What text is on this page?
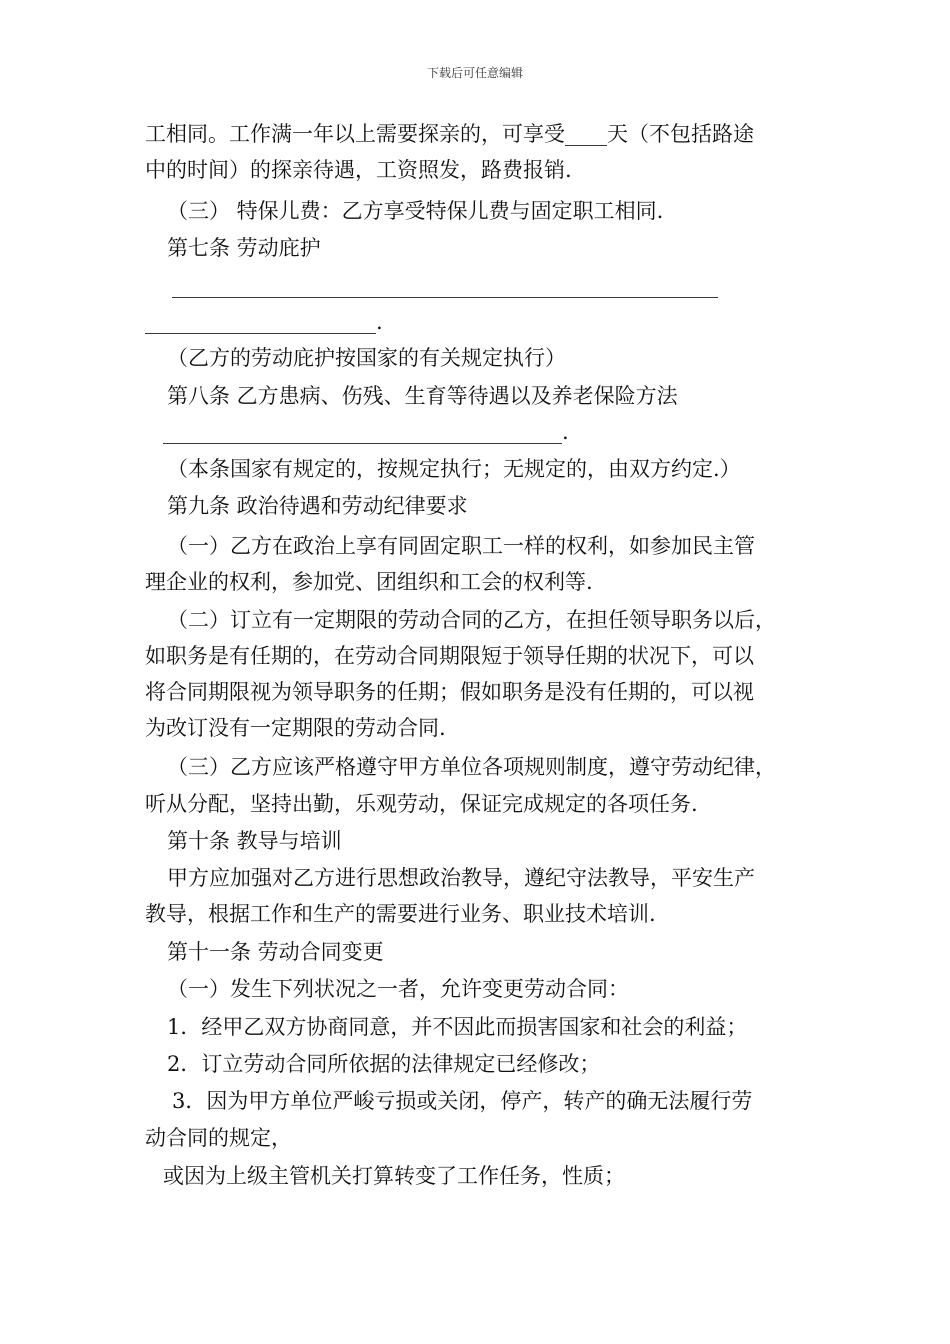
下载后可任意编辑
工相同。工作满一年以上需要探亲的，可享受____天（不包括路途
中的时间）的探亲待遇，工资照发，路费报销.
（三） 特保儿费：乙方享受特保儿费与固定职工相同.
第七条 劳动庇护
____________________________________________________
______________________.
（乙方的劳动庇护按国家的有关规定执行）
第八条 乙方患病、伤残、生育等待遇以及养老保险方法
______________________________________.
（本条国家有规定的，按规定执行；无规定的，由双方约定.）
第九条 政治待遇和劳动纪律要求
（一）乙方在政治上享有同固定职工一样的权利，如参加民主管
理企业的权利，参加党、团组织和工会的权利等.
（二）订立有一定期限的劳动合同的乙方，在担任领导职务以后，
如职务是有任期的，在劳动合同期限短于领导任期的状况下，可以
将合同期限视为领导职务的任期；假如职务是没有任期的，可以视
为改订没有一定期限的劳动合同.
（三）乙方应该严格遵守甲方单位各项规则制度，遵守劳动纪律，
听从分配，坚持出勤，乐观劳动，保证完成规定的各项任务.
第十条 教导与培训
甲方应加强对乙方进行思想政治教导，遵纪守法教导，平安生产
教导，根据工作和生产的需要进行业务、职业技术培训.
第十一条 劳动合同变更
（一）发生下列状况之一者，允许变更劳动合同：
1．经甲乙双方协商同意，并不因此而损害国家和社会的利益；
2．订立劳动合同所依据的法律规定已经修改；
3．因为甲方单位严峻亏损或关闭，停产，转产的确无法履行劳
动合同的规定，
或因为上级主管机关打算转变了工作任务，性质；
